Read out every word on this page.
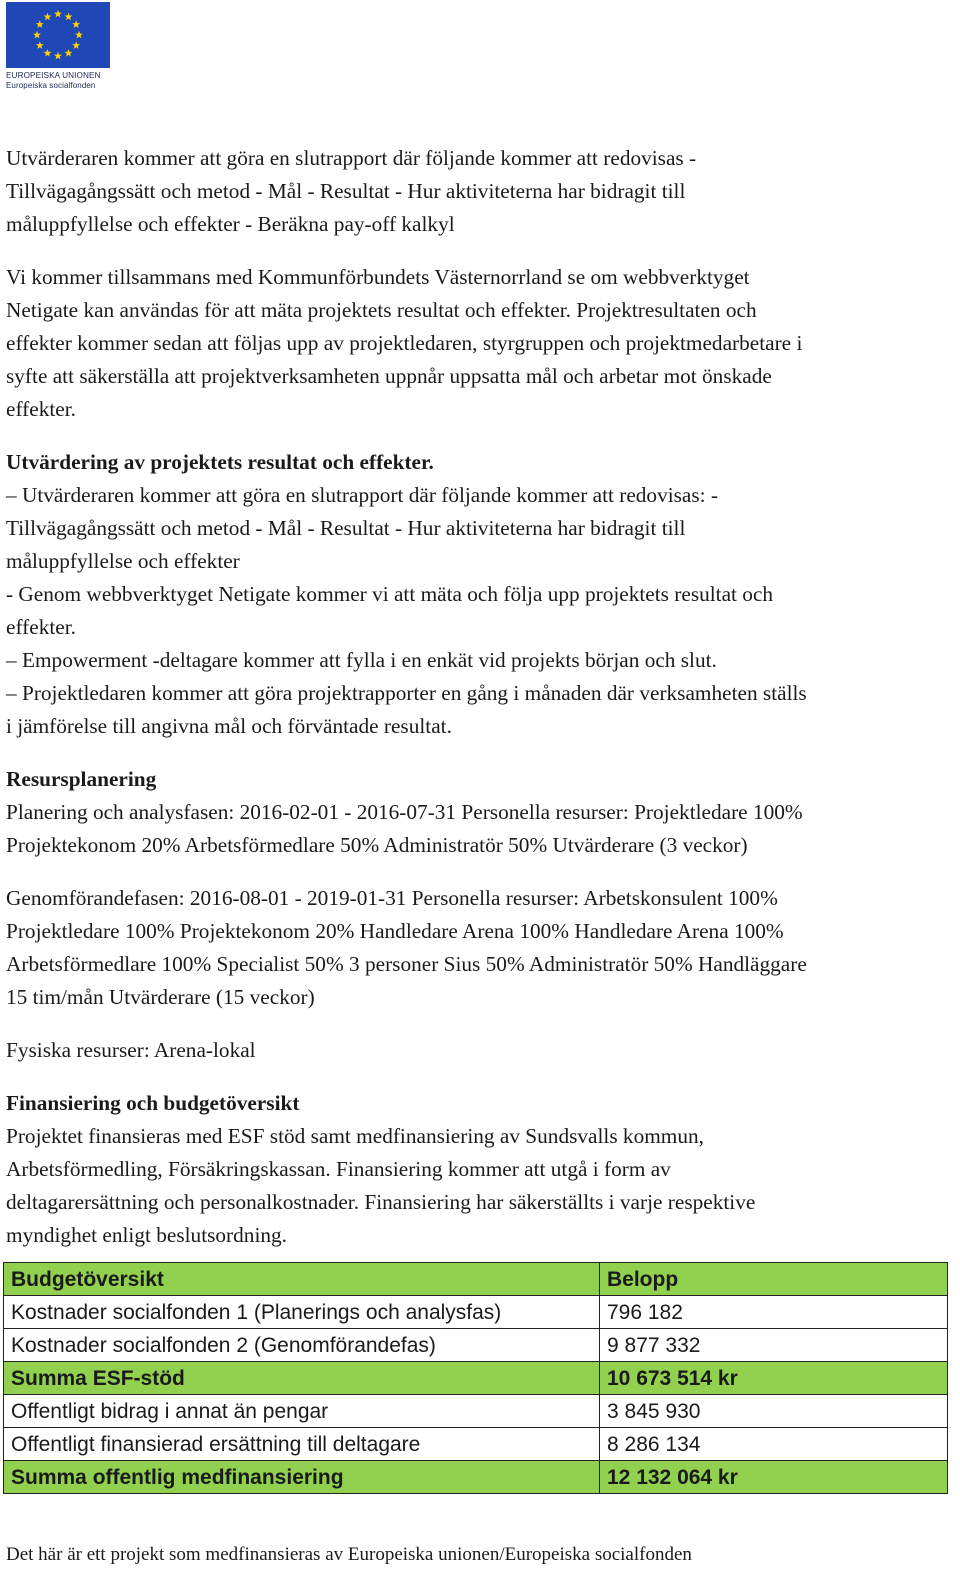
EUROPEISKA UNIONEN
Europeiska socialfonden

Utvärderaren kommer att göra en slutrapport där följande kommer att redovisas -
Tillvägagångssätt och metod - Mål - Resultat - Hur aktiviteterna har bidragit till
måluppfyllelse och effekter - Beräkna pay-off kalkyl

Vi kommer tillsammans med Kommunförbundets Västernorrland se om webbverktyget
Netigate kan användas för att mäta projektets resultat och effekter. Projektresultaten och
effekter kommer sedan att följas upp av projektledaren, styrgruppen och projektmedarbetare i
syfte att säkerställa att projektverksamheten uppnår uppsatta mål och arbetar mot önskade
effekter.

Utvärdering av projektets resultat och effekter.

– Utvärderaren kommer att göra en slutrapport där följande kommer att redovisas: -
Tillvägagångssätt och metod - Mål - Resultat - Hur aktiviteterna har bidragit till
måluppfyllelse och effekter
- Genom webbverktyget Netigate kommer vi att mäta och följa upp projektets resultat och
effekter.
– Empowerment -deltagare kommer att fylla i en enkät vid projekts början och slut.
– Projektledaren kommer att göra projektrapporter en gång i månaden där verksamheten ställs
i jämförelse till angivna mål och förväntade resultat.

Resursplanering

Planering och analysfasen: 2016-02-01 - 2016-07-31 Personella resurser: Projektledare 100%
Projektekonom 20% Arbetsförmedlare 50% Administratör 50% Utvärderare (3 veckor)

Genomförandefasen: 2016-08-01 - 2019-01-31 Personella resurser: Arbetskonsulent 100%
Projektledare 100% Projektekonom 20% Handledare Arena 100% Handledare Arena 100%
Arbetsförmedlare 100% Specialist 50% 3 personer Sius 50% Administratör 50% Handläggare
15 tim/mån Utvärderare (15 veckor)

Fysiska resurser: Arena-lokal

Finansiering och budgetöversikt

Projektet finansieras med ESF stöd samt medfinansiering av Sundsvalls kommun,
Arbetsförmedling, Försäkringskassan. Finansiering kommer att utgå i form av
deltagarersättning och personalkostnader. Finansiering har säkerställts i varje respektive
myndighet enligt beslutsordning.

Budgetöversikt	Belopp
Kostnader socialfonden 1 (Planerings och analysfas)	796 182
Kostnader socialfonden 2 (Genomförandefas)	9 877 332
Summa ESF-stöd	10 673 514 kr
Offentligt bidrag i annat än pengar	3 845 930
Offentligt finansierad ersättning till deltagare	8 286 134
Summa offentlig medfinansiering	12 132 064 kr
Det här är ett projekt som medfinansieras av Europeiska unionen/Europeiska socialfonden
